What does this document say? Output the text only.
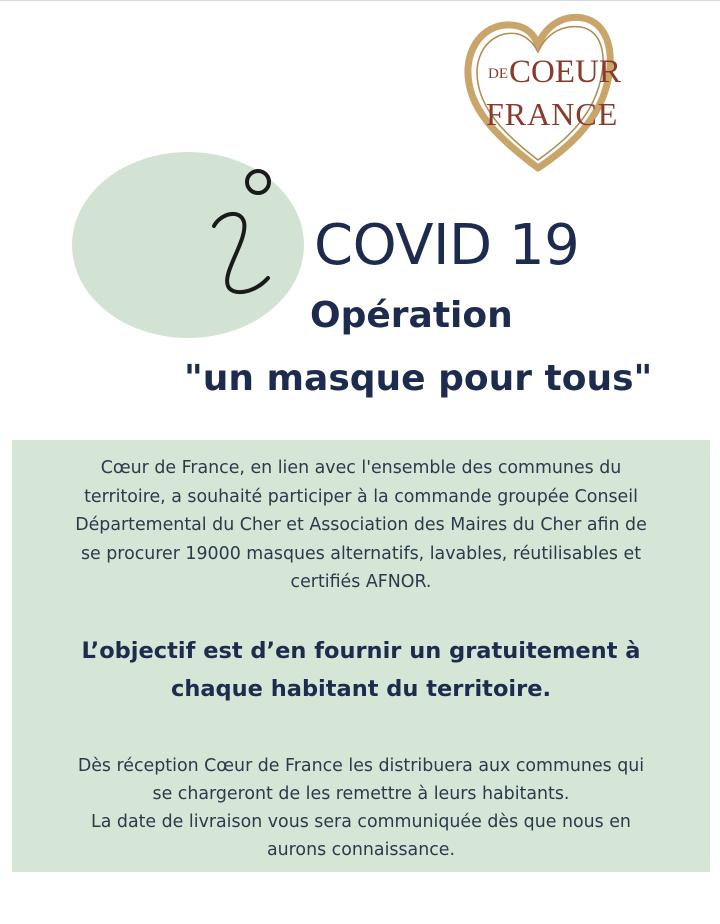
DECOEUR
FRANCE
COVID 19
Opération
"un masque pour tous"
Cœur de France, en lien avec l'ensemble des communes du
territoire, a souhaité participer à la commande groupée Conseil
Départemental du Cher et Association des Maires du Cher afin de
se procurer 19000 masques alternatifs, lavables, réutilisables et
certifiés AFNOR.
L’objectif est d’en fournir un gratuitement à
chaque habitant du territoire.
Dès réception Cœur de France les distribuera aux communes qui
se chargeront de les remettre à leurs habitants.
La date de livraison vous sera communiquée dès que nous en
aurons connaissance.
